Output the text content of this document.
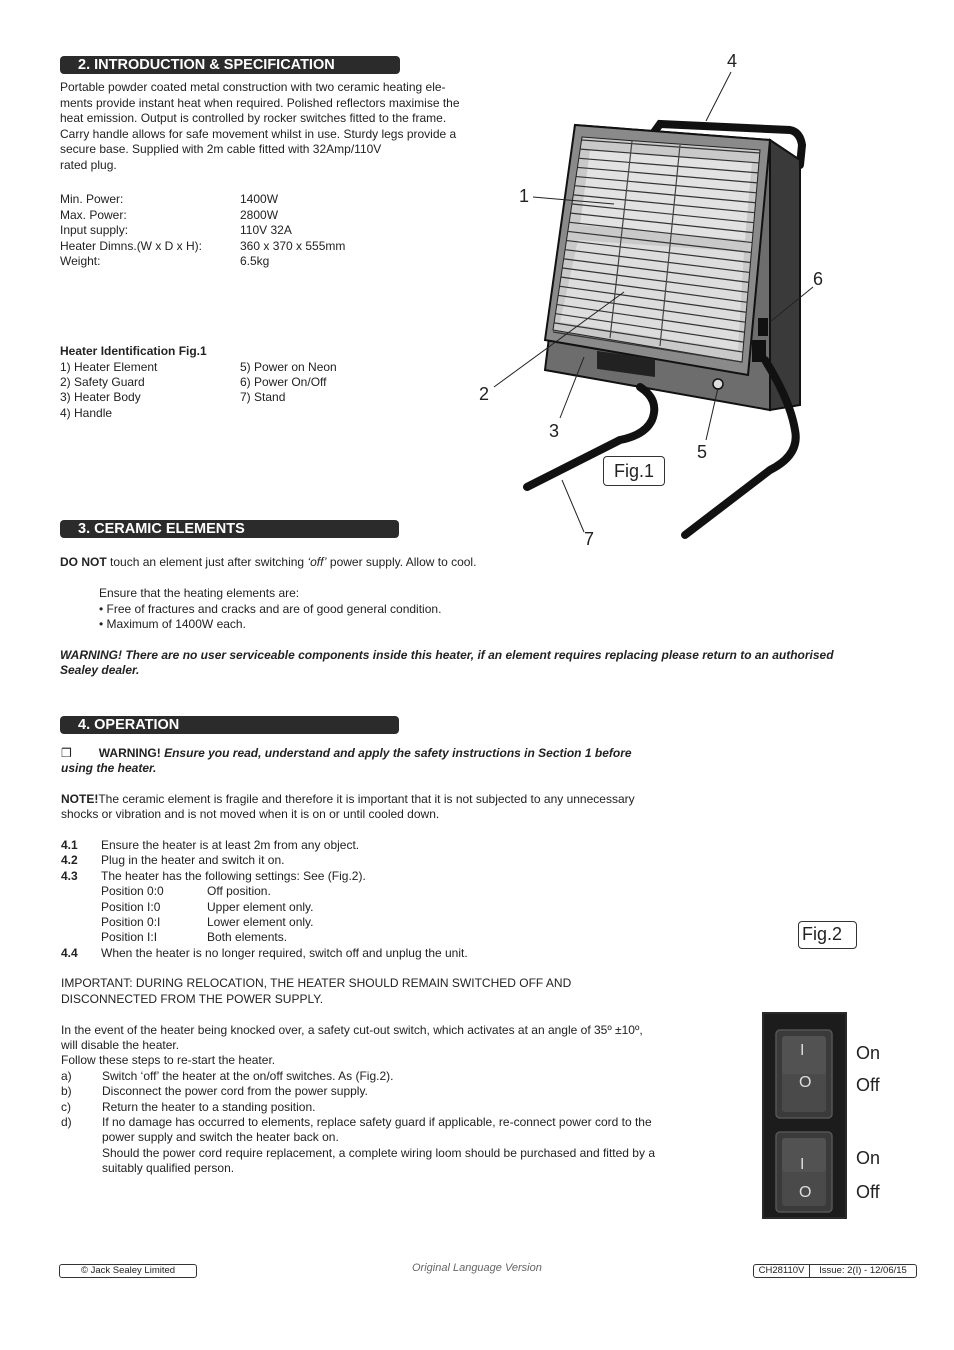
2. INTRODUCTION & SPECIFICATION
Portable powder coated metal construction with two ceramic heating ele-
ments provide instant heat when required. Polished reflectors maximise the
heat emission. Output is controlled by rocker switches fitted to the frame.
Carry handle allows for safe movement whilst in use. Sturdy legs provide a
secure base. Supplied with 2m cable fitted with 32Amp/110V
rated plug.
Min. Power:	1400W
Max. Power:	2800W
Input supply:	110V 32A
Heater Dimns.(W x D x H):	360 x 370 x 555mm
Weight:	6.5kg
Heater Identification Fig.1
1) Heater Element
2) Safety Guard
3) Heater Body
4) Handle
5) Power on Neon
6) Power On/Off
7) Stand
1
2
3
4
5
6
7
Fig.1
3. CERAMIC ELEMENTS
DO NOT touch an element just after switching ‘off’ power supply. Allow to cool.
Ensure that the heating elements are:
• Free of fractures and cracks and are of good general condition.
• Maximum of 1400W each.
WARNING! There are no user serviceable components inside this heater, if an element requires replacing please return to an authorised
Sealey dealer.
4. OPERATION
❒ WARNING! Ensure you read, understand and apply the safety instructions in Section 1 before
using the heater.
NOTE!The ceramic element is fragile and therefore it is important that it is not subjected to any unnecessary
shocks or vibration and is not moved when it is on or until cooled down.
4.1 Ensure the heater is at least 2m from any object.
4.2 Plug in the heater and switch it on.
4.3 The heater has the following settings: See (Fig.2).
Position 0:0	Off position.
Position I:0	Upper element only.
Position 0:I	Lower element only.
Position I:I	Both elements.
4.4 When the heater is no longer required, switch off and unplug the unit.
IMPORTANT: DURING RELOCATION, THE HEATER SHOULD REMAIN SWITCHED OFF AND
DISCONNECTED FROM THE POWER SUPPLY.
In the event of the heater being knocked over, a safety cut-out switch, which activates at an angle of 35º ±10º,
will disable the heater.
Follow these steps to re-start the heater.
a)	Switch ‘off’ the heater at the on/off switches. As (Fig.2).
b)	Disconnect the power cord from the power supply.
c)	Return the heater to a standing position.
d)	If no damage has occurred to elements, replace safety guard if applicable, re-connect power cord to the
power supply and switch the heater back on.
Should the power cord require replacement, a complete wiring loom should be purchased and fitted by a
suitably qualified person.
Fig.2
I
O
I
O
On
Off
On
Off
© Jack Sealey Limited	Original Language Version	CH28110V	Issue: 2(I) - 12/06/15
